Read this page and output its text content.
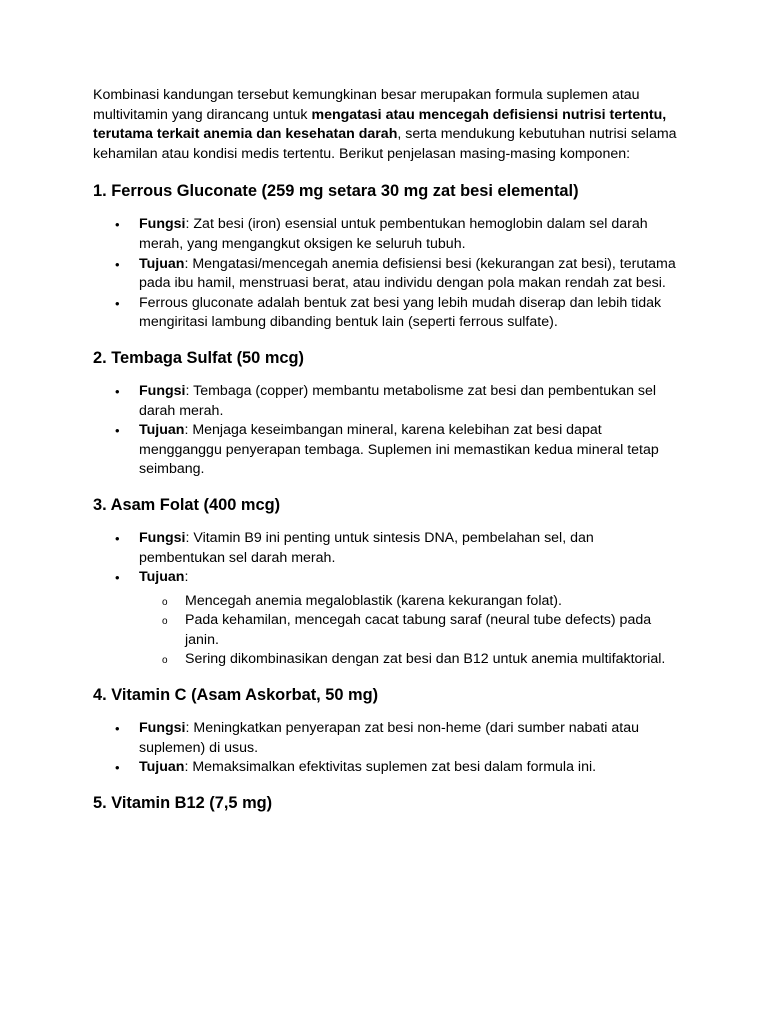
Kombinasi kandungan tersebut kemungkinan besar merupakan formula suplemen atau multivitamin yang dirancang untuk mengatasi atau mencegah defisiensi nutrisi tertentu, terutama terkait anemia dan kesehatan darah, serta mendukung kebutuhan nutrisi selama kehamilan atau kondisi medis tertentu. Berikut penjelasan masing-masing komponen:

1. Ferrous Gluconate (259 mg setara 30 mg zat besi elemental)
• Fungsi: Zat besi (iron) esensial untuk pembentukan hemoglobin dalam sel darah merah, yang mengangkut oksigen ke seluruh tubuh.
• Tujuan: Mengatasi/mencegah anemia defisiensi besi (kekurangan zat besi), terutama pada ibu hamil, menstruasi berat, atau individu dengan pola makan rendah zat besi.
• Ferrous gluconate adalah bentuk zat besi yang lebih mudah diserap dan lebih tidak mengiritasi lambung dibanding bentuk lain (seperti ferrous sulfate).
2. Tembaga Sulfat (50 mcg)
• Fungsi: Tembaga (copper) membantu metabolisme zat besi dan pembentukan sel darah merah.
• Tujuan: Menjaga keseimbangan mineral, karena kelebihan zat besi dapat mengganggu penyerapan tembaga. Suplemen ini memastikan kedua mineral tetap seimbang.
3. Asam Folat (400 mcg)
• Fungsi: Vitamin B9 ini penting untuk sintesis DNA, pembelahan sel, dan pembentukan sel darah merah.
• Tujuan:
o Mencegah anemia megaloblastik (karena kekurangan folat).
o Pada kehamilan, mencegah cacat tabung saraf (neural tube defects) pada janin.
o Sering dikombinasikan dengan zat besi dan B12 untuk anemia multifaktorial.
4. Vitamin C (Asam Askorbat, 50 mg)
• Fungsi: Meningkatkan penyerapan zat besi non-heme (dari sumber nabati atau suplemen) di usus.
• Tujuan: Memaksimalkan efektivitas suplemen zat besi dalam formula ini.
5. Vitamin B12 (7,5 mg)
